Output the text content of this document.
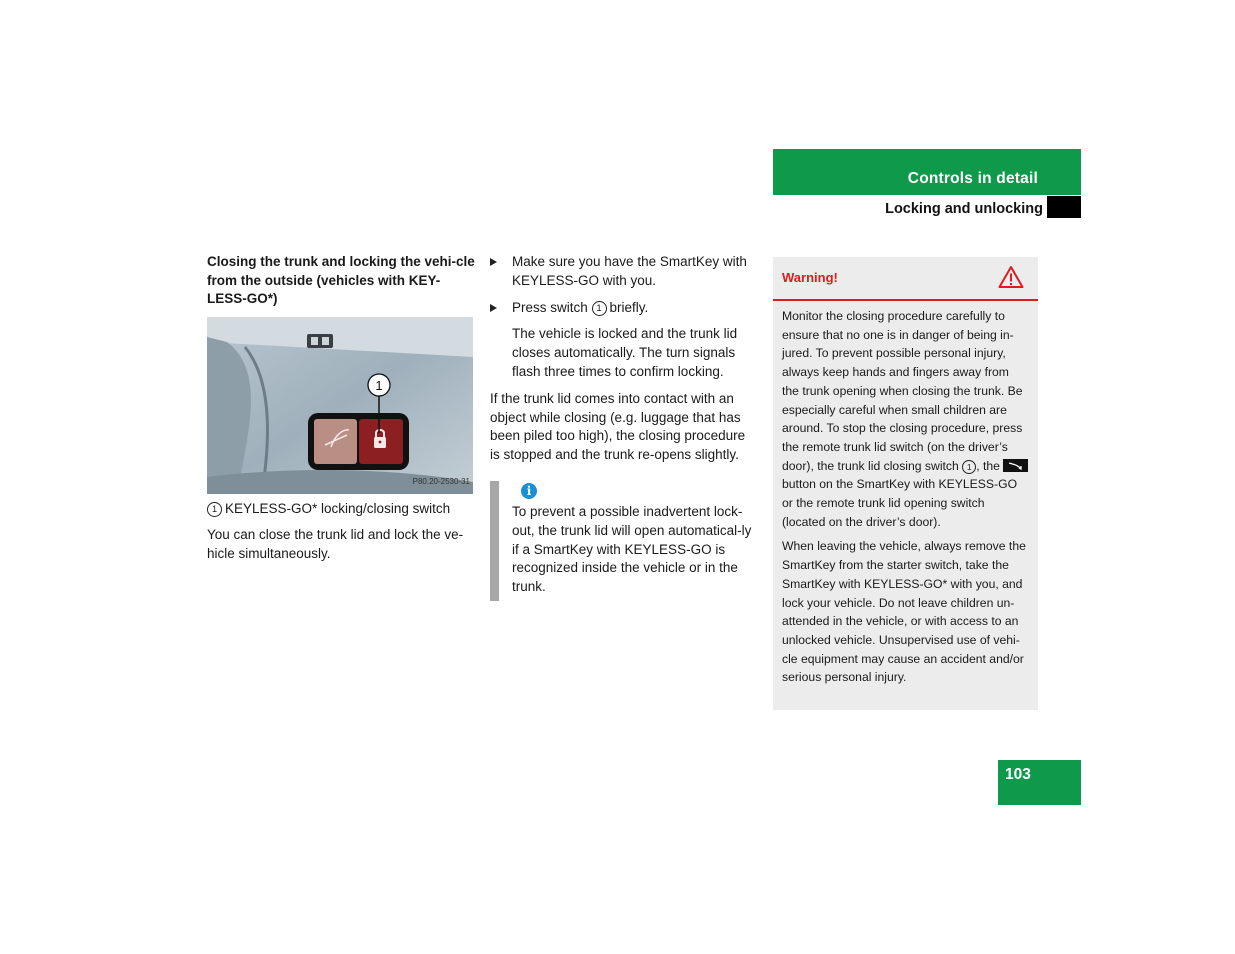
Controls in detail
Locking and unlocking

Closing the trunk and locking the vehi-cle from the outside (vehicles with KEY-LESS-GO*)

1
P80.20-2530-31

1 KEYLESS-GO* locking/closing switch

You can close the trunk lid and lock the ve-hicle simultaneously.

Make sure you have the SmartKey with KEYLESS-GO with you.

Press switch 1 briefly.

The vehicle is locked and the trunk lid closes automatically. The turn signals flash three times to confirm locking.

If the trunk lid comes into contact with an object while closing (e.g. luggage that has been piled too high), the closing procedure is stopped and the trunk re-opens slightly.

i

To prevent a possible inadvertent lock-out, the trunk lid will open automatical-ly if a SmartKey with KEYLESS-GO is recognized inside the vehicle or in the trunk.

Warning!

Monitor the closing procedure carefully to ensure that no one is in danger of being in-jured. To prevent possible personal injury, always keep hands and fingers away from the trunk opening when closing the trunk. Be especially careful when small children are around. To stop the closing procedure, press the remote trunk lid switch (on the driver’s door), the trunk lid closing switch 1 , the  button on the SmartKey with KEYLESS-GO or the remote trunk lid opening switch (located on the driver’s door).

When leaving the vehicle, always remove the SmartKey from the starter switch, take the SmartKey with KEYLESS-GO* with you, and lock your vehicle. Do not leave children un-attended in the vehicle, or with access to an unlocked vehicle. Unsupervised use of vehi-cle equipment may cause an accident and/or serious personal injury.

103
